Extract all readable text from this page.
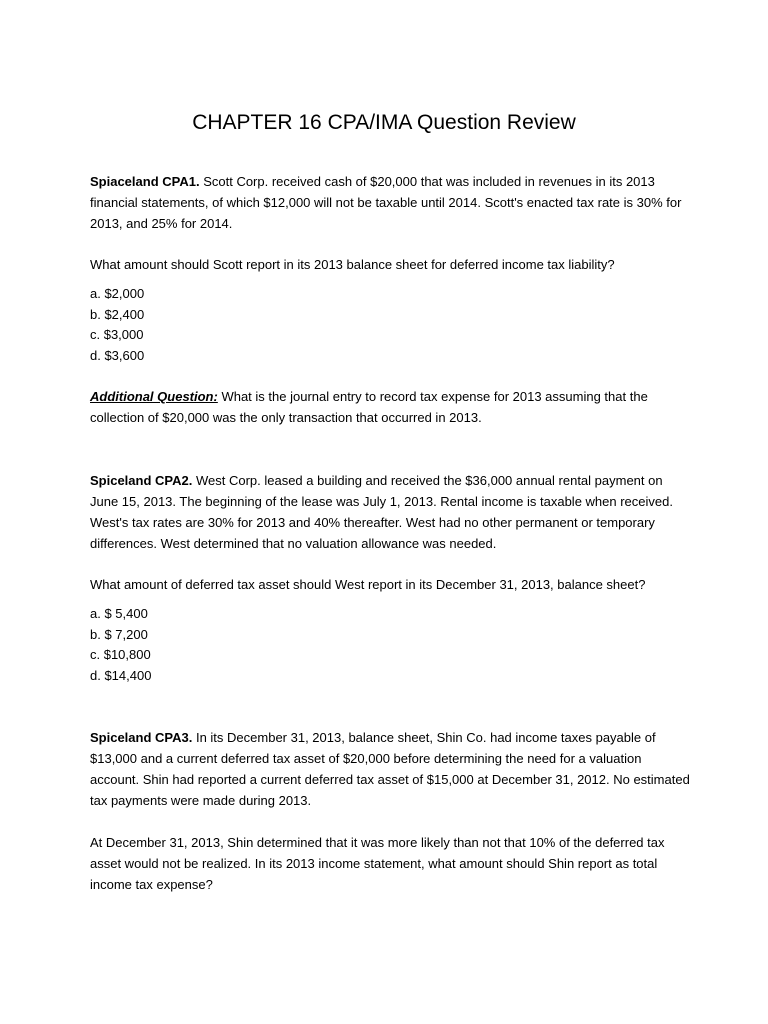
CHAPTER 16 CPA/IMA Question Review
Spiaceland CPA1. Scott Corp. received cash of $20,000 that was included in revenues in its 2013 financial statements, of which $12,000 will not be taxable until 2014. Scott's enacted tax rate is 30% for 2013, and 25% for 2014.
What amount should Scott report in its 2013 balance sheet for deferred income tax liability?
a. $2,000
b. $2,400
c. $3,000
d. $3,600
Additional Question: What is the journal entry to record tax expense for 2013 assuming that the collection of $20,000 was the only transaction that occurred in 2013.
Spiceland CPA2. West Corp. leased a building and received the $36,000 annual rental payment on June 15, 2013. The beginning of the lease was July 1, 2013. Rental income is taxable when received. West's tax rates are 30% for 2013 and 40% thereafter. West had no other permanent or temporary differences. West determined that no valuation allowance was needed.
What amount of deferred tax asset should West report in its December 31, 2013, balance sheet?
a. $ 5,400
b. $ 7,200
c. $10,800
d. $14,400
Spiceland CPA3. In its December 31, 2013, balance sheet, Shin Co. had income taxes payable of $13,000 and a current deferred tax asset of $20,000 before determining the need for a valuation account. Shin had reported a current deferred tax asset of $15,000 at December 31, 2012. No estimated tax payments were made during 2013.
At December 31, 2013, Shin determined that it was more likely than not that 10% of the deferred tax asset would not be realized. In its 2013 income statement, what amount should Shin report as total income tax expense?
